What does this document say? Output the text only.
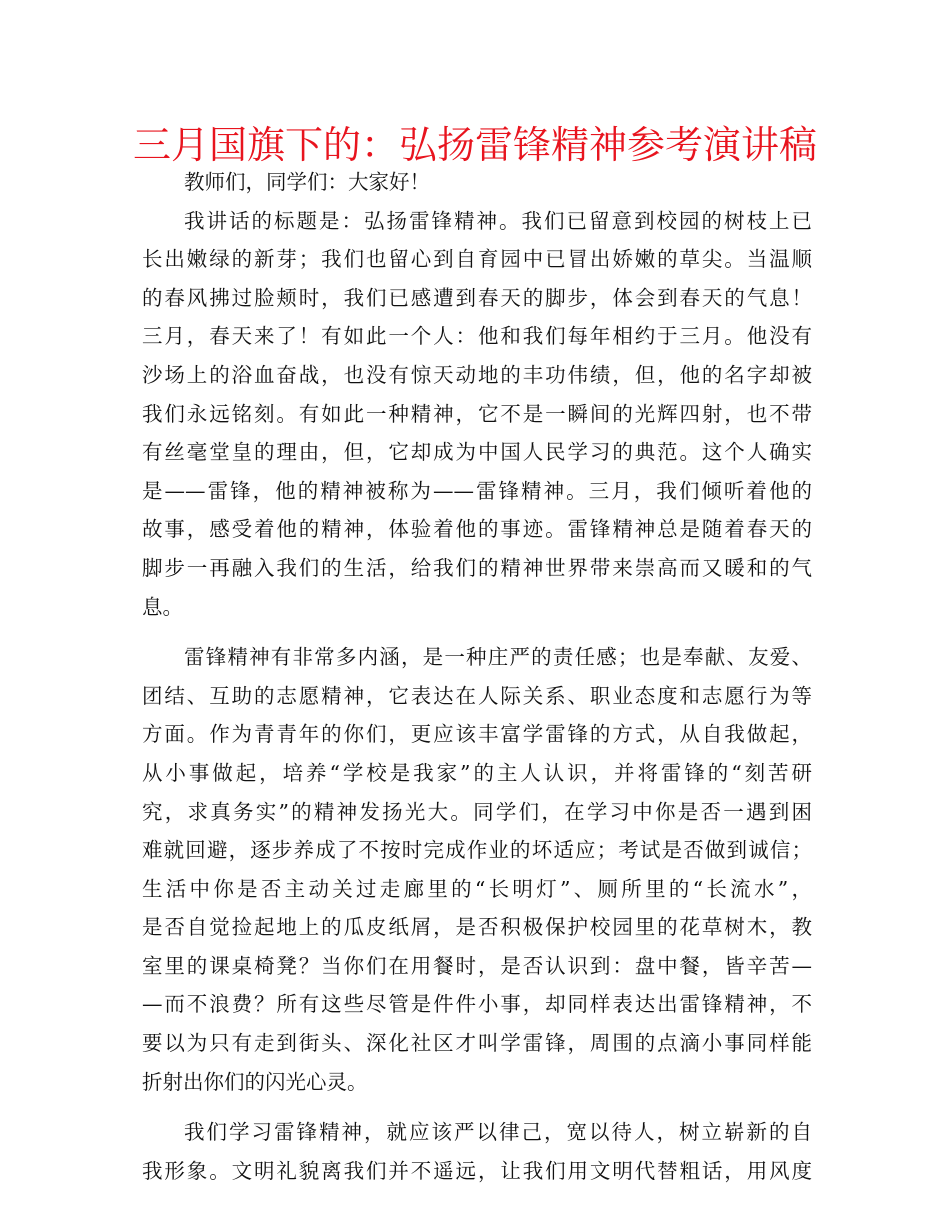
三月国旗下的：弘扬雷锋精神参考演讲稿
教师们，同学们：大家好！
我讲话的标题是：弘扬雷锋精神。我们已留意到校园的树枝上已
长出嫩绿的新芽；我们也留心到自育园中已冒出娇嫩的草尖。当温顺
的春风拂过脸颊时，我们已感遭到春天的脚步，体会到春天的气息！
三月，春天来了！有如此一个人：他和我们每年相约于三月。他没有
沙场上的浴血奋战，也没有惊天动地的丰功伟绩，但，他的名字却被
我们永远铭刻。有如此一种精神，它不是一瞬间的光辉四射，也不带
有丝毫堂皇的理由，但，它却成为中国人民学习的典范。这个人确实
是——雷锋，他的精神被称为——雷锋精神。三月，我们倾听着他的
故事，感受着他的精神，体验着他的事迹。雷锋精神总是随着春天的
脚步一再融入我们的生活，给我们的精神世界带来崇高而又暖和的气
息。
雷锋精神有非常多内涵，是一种庄严的责任感；也是奉献、友爱、
团结、互助的志愿精神，它表达在人际关系、职业态度和志愿行为等
方面。作为青青年的你们，更应该丰富学雷锋的方式，从自我做起，
从小事做起，培养“学校是我家”的主人认识，并将雷锋的“刻苦研
究，求真务实”的精神发扬光大。同学们，在学习中你是否一遇到困
难就回避，逐步养成了不按时完成作业的坏适应；考试是否做到诚信；
生活中你是否主动关过走廊里的“长明灯”、厕所里的“长流水”，
是否自觉捡起地上的瓜皮纸屑，是否积极保护校园里的花草树木，教
室里的课桌椅凳？当你们在用餐时，是否认识到：盘中餐，皆辛苦—
—而不浪费？所有这些尽管是件件小事，却同样表达出雷锋精神，不
要以为只有走到街头、深化社区才叫学雷锋，周围的点滴小事同样能
折射出你们的闪光心灵。
我们学习雷锋精神，就应该严以律己，宽以待人，树立崭新的自
我形象。文明礼貌离我们并不遥远，让我们用文明代替粗话，用风度
